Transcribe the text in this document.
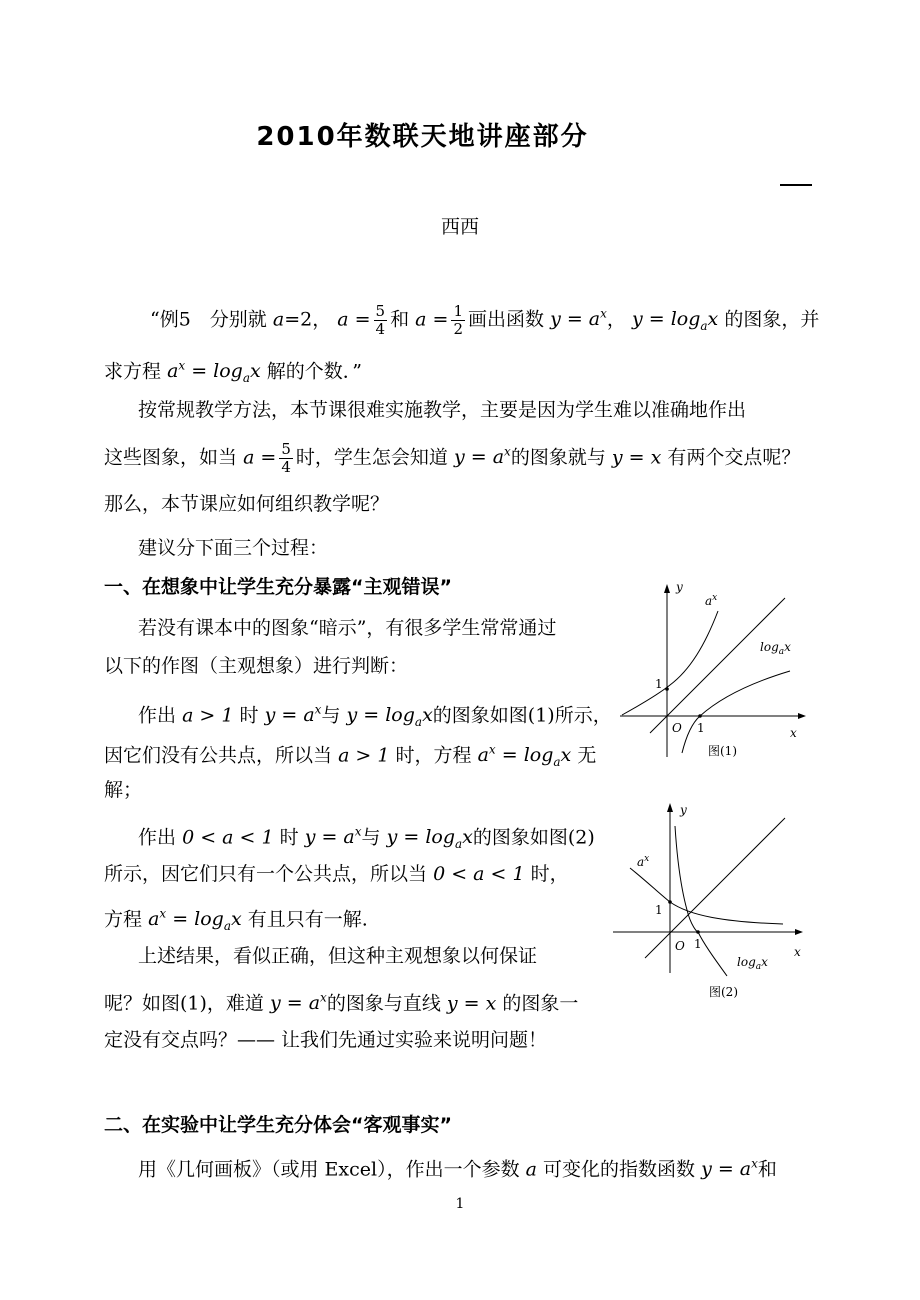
2010年数联天地讲座部分
西西
“例5　分别就 a=2， $a = \frac{5}{4}$ 和 $a = \frac{1}{2}$ 画出函数 $y = a^x$， $y = \log_ax$ 的图象，并
求方程 $a^x = \log_ax$ 解的个数．”
按常规教学方法，本节课很难实施教学，主要是因为学生难以准确地作出
这些图象，如当 $a = \frac{5}{4}$ 时，学生怎会知道 $y = a^x$的图象就与 y = x 有两个交点呢？
那么，本节课应如何组织教学呢？
建议分下面三个过程：
一、在想象中让学生充分暴露“主观错误”
若没有课本中的图象“暗示”，有很多学生常常通过
以下的作图（主观想象）进行判断：
作出 a > 1 时 $y = a^x$与 $y = \log_ax$的图象如图(1)所示，
因它们没有公共点，所以当 a > 1 时，方程 $a^x = \log_ax$ 无
解；
作出 0 < a < 1 时 $y = a^x$与 $y = \log_ax$的图象如图(2)
所示，因它们只有一个公共点，所以当 0 < a < 1 时，
方程 $a^x = \log_ax$ 有且只有一解.
上述结果，看似正确，但这种主观想象以何保证
呢？如图(1)，难道 $y = a^x$的图象与直线 y = x 的图象一
定没有交点吗？—— 让我们先通过实验来说明问题！
二、在实验中让学生充分体会“客观事实”
用《几何画板》（或用 Excel），作出一个参数 a 可变化的指数函数 $y = a^x$和
y
x
O
1
1
$a^x$
$\log_ax$
图(1)
y
x
O
1
1
$a^x$
$\log_ax$
图(2)
1
